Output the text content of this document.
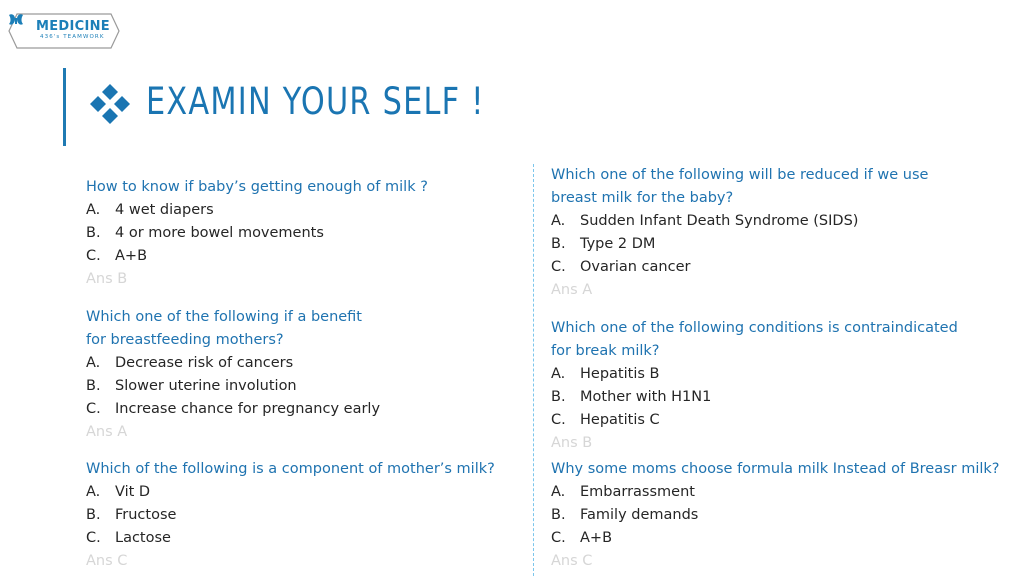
MEDICINE
436's TEAMWORK
EXAMIN YOUR SELF !
How to know if baby’s getting enough of milk ?
A. 4 wet diapers
B. 4 or more bowel movements
C. A+B
Ans B
Which one of the following if a benefit
for breastfeeding mothers?
A. Decrease risk of cancers
B. Slower uterine involution
C. Increase chance for pregnancy early
Ans A
Which of the following is a component of mother’s milk?
A. Vit D
B. Fructose
C. Lactose
Ans C
Which one of the following will be reduced if we use
breast milk for the baby?
A. Sudden Infant Death Syndrome (SIDS)
B. Type 2 DM
C. Ovarian cancer
Ans A
Which one of the following conditions is contraindicated
for break milk?
A. Hepatitis B
B. Mother with H1N1
C. Hepatitis C
Ans B
Why some moms choose formula milk Instead of Breasr milk?
A. Embarrassment
B. Family demands
C. A+B
Ans C
